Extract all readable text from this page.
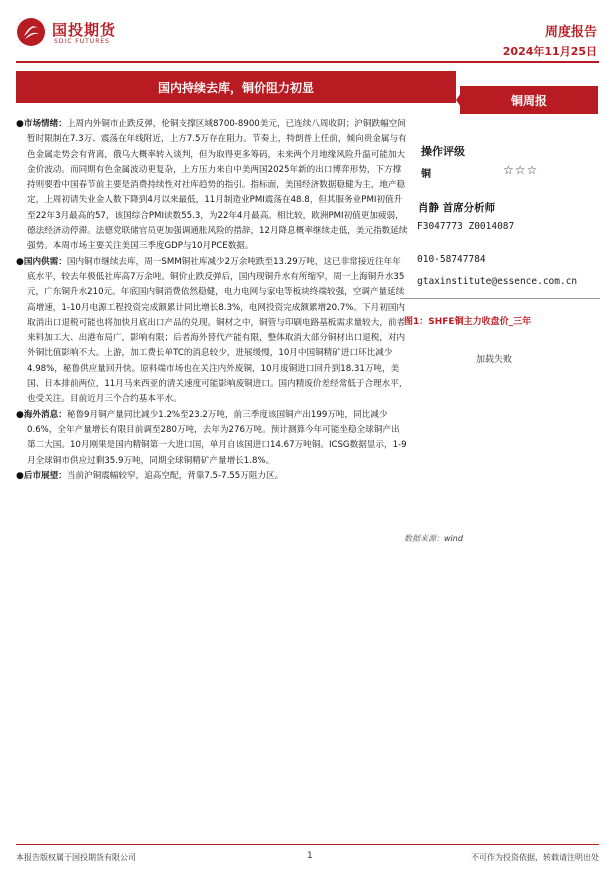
国投期货
SDIC FUTURES
周度报告
2024年11月25日
国内持续去库，铜价阻力初显
铜周报

●市场情绪：上周内外铜市止跌反弹，伦铜支撑区域8700-8900美元，已连续八周收阴；沪铜跌幅空间暂时限制在7.3万、震荡在年线附近，上方7.5万存在阻力。节奏上，特朗普上任前，倾向贵金属与有色金属走势会有背离，俄乌大概率转入谈判，但为取得更多筹码，未来两个月地缘风险升温可能加大金价波动。而同期有色金属波动更复杂，上方压力来自中美两国2025年新的出口博弈形势，下方撑持则要看中国春节前主要是消费持续性对社库趋势的指引。指标面，美国经济数据稳健为主，地产稳定，上周初请失业金人数下降到4月以来最低，11月制造业PMI震荡在48.8，但其服务业PMI初值升至22年3月最高的57，该国综合PMI读数55.3，为22年4月最高。相比较，欧洲PMI初值更加疲弱，德法经济动停滞。法德党联储官员更加强调通胀风险的措辞，12月降息概率继续走低，美元指数延续强势。本周市场主要关注美国三季度GDP与10月PCE数据。

●国内供需：国内铜市继续去库，周一SMM铜社库减少2万余吨跌至13.29万吨，这已非常接近往年年底水平，较去年极低社库高7万余吨。铜价止跌反弹后，国内现铜升水有所缩窄，周一上海铜升水35元，广东铜升水210元。年底国内铜消费依然稳健，电力电网与家电等板块终端较强，空调产量延续高增速，1-10月电源工程投资完成额累计同比增长8.3%，电网投资完成额累增20.7%。下月初国内取消出口退税可能也将加快月底出口产品的兑现。铜材之中，铜管与印刷电路基板需求量较大，前者来料加工大、出港布局广，影响有限；后者海外替代产能有限，整体取消大部分铜材出口退税，对内外铜比值影响不大。上游，加工费长单TC的消息较少，进展缓慢，10月中国铜精矿进口环比减少4.98%，秘鲁供应量回升快。原料端市场也在关注内外废铜，10月废铜进口回升到18.31万吨，美国、日本排前两位，11月马来西亚的清关速度可能影响废铜进口。国内精废价差经常低于合理水平，也受关注。目前近月三个合约基本平水。

●海外消息：秘鲁9月铜产量同比减少1.2%至23.2万吨，前三季度该国铜产出199万吨，同比减少0.6%，全年产量增长有限目前调至280万吨，去年为276万吨。预计测算今年可能坐稳全球铜产出第二大国。10月刚果是国内精铜第一大进口国，单月自该国进口14.67万吨铜。ICSG数据显示，1-9月全球铜市供应过剩35.9万吨，同期全球铜精矿产量增长1.8%。

●后市展望：当前沪铜震幅较窄，追高空配，背靠7.5-7.55万阻力区。

操作评级
铜	☆☆☆
肖静 首席分析师
F3047773 Z0014087
010-58747784
gtaxinstitute@essence.com.cn
图1：SHFE铜主力收盘价_三年
加载失败
数据来源：wind
本报告版权属于国投期货有限公司	1	不可作为投资依据，转载请注明出处
